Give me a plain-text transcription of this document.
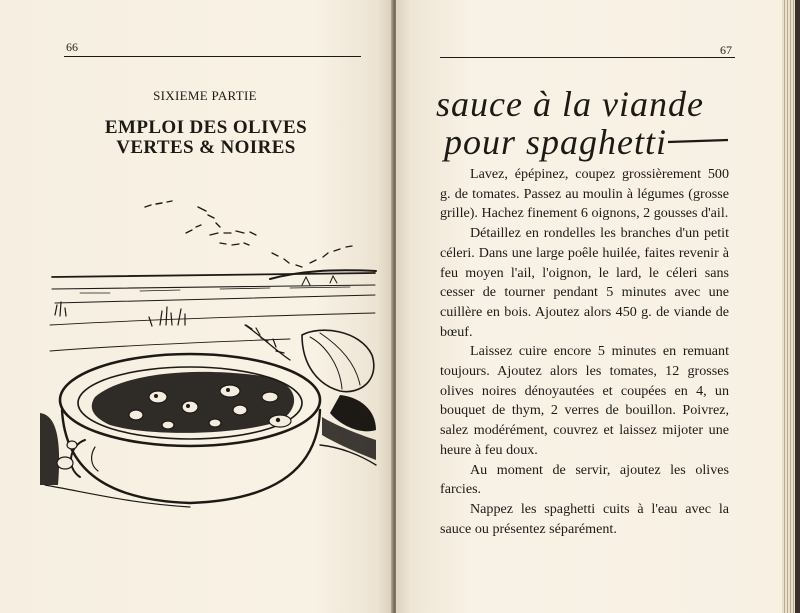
66
SIXIEME PARTIE
EMPLOI DES OLIVES
VERTES & NOIRES
67
sauce à la viande
pour spaghetti

Lavez, épépinez, coupez grossièrement 500 g. de tomates. Passez au moulin à légumes (grosse grille). Hachez finement 6 oignons, 2 gousses d'ail.

Détaillez en rondelles les branches d'un petit céleri. Dans une large poêle huilée, faites revenir à feu moyen l'ail, l'oignon, le lard, le céleri sans cesser de tourner pendant 5 minutes avec une cuillère en bois. Ajoutez alors 450 g. de viande de bœuf.

Laissez cuire encore 5 minutes en remuant toujours. Ajoutez alors les tomates, 12 grosses olives noires dénoyautées et coupées en 4, un bouquet de thym, 2 verres de bouillon. Poivrez, salez modérément, couvrez et laissez mijoter une heure à feu doux.

Au moment de servir, ajoutez les olives farcies.

Nappez les spaghetti cuits à l'eau avec la sauce ou présentez séparément.
